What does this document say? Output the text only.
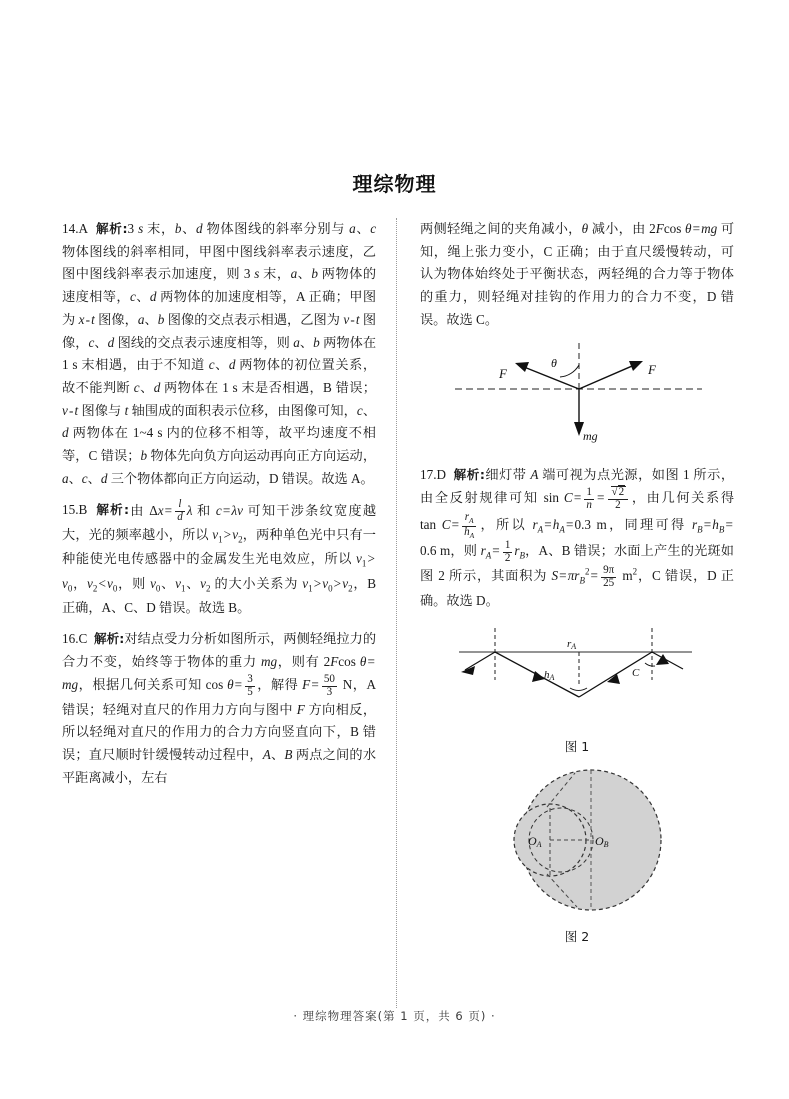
理综物理
14.A 解析:3 s 末，b、d 物体图线的斜率分别与 a、c 物体图线的斜率相同，甲图中图线斜率表示速度，乙图中图线斜率表示加速度，则 3 s 末，a、b 两物体的速度相等，c、d 两物体的加速度相等，A 正确；甲图为 x - t 图像，a、b 图像的交点表示相遇，乙图为 v - t 图像，c、d 图线的交点表示速度相等，则 a、b 两物体在 1 s 末相遇，由于不知道 c、d 两物体的初位置关系，故不能判断 c、d 两物体在 1 s 末是否相遇，B 错误；v - t 图像与 t 轴围成的面积表示位移，由图像可知，c、d 两物体在 1~4 s 内的位移不相等，故平均速度不相等，C 错误；b 物体先向负方向运动再向正方向运动，a、c、d 三个物体都向正方向运动，D 错误。故选 A。
15.B 解析:由 Δx =  $\frac{l}{d}$ λ 和 c = λν 可知干涉条纹宽度越大，光的频率越小，所以 $\nu_1$ > $\nu_2$，两种单色光中只有一种能使光电传感器中的金属发生光电效应，所以 $\nu_1$ > $\nu_0$，$\nu_2$ < $\nu_0$，则 $\nu_0$、$\nu_1$、$\nu_2$ 的大小关系为 $\nu_1$ > $\nu_0$ > $\nu_2$，B 正确，A、C、D 错误。故选 B。
16.C 解析:对结点受力分析如图所示，两侧轻绳拉力的合力不变，始终等于物体的重力 mg，则有 2Fcos θ = mg，根据几何关系可知 cos θ =  $\frac{3}{5}$ ，解得 F =  $\frac{50}{3}$ N，A 错误；轻绳对直尺的作用力方向与图中 F 方向相反，所以轻绳对直尺的作用力的合力方向竖直向下，B 错误；直尺顺时针缓慢转动过程中，A、B 两点之间的水平距离减小，左右
两侧轻绳之间的夹角减小，θ 减小，由 2Fcos θ = mg 可知，绳上张力变小，C 正确；由于直尺缓慢转动，可认为物体始终处于平衡状态，两轻绳的合力等于物体的重力，则轻绳对挂钩的作用力的合力不变，D 错误。故选 C。
F	F
θ
mg
17.D 解析:细灯带 A 端可视为点光源，如图 1 所示，由全反射规律可知 sin C =  $\frac{1}{n}$  =  $\frac{√2}{2}$ ，由几何关系得 tan C =  $\frac{r_A}{h_A}$ ，所以 $r_A$ = $h_A$ = 0.3 m，同理可得 $r_B$ = $h_B$ = 0.6 m，则 $r_A$ =  $\frac{1}{2} r_B$，A、B 错误；水面上产生的光斑如图 2 所示，其面积为 S = $\pi r_B^2$ =  $\frac{9\pi}{25} m^2$，C 错误，D 正确。故选 D。
rA
hA	C
图 1
OA	OB
图 2
· 理综物理答案(第 1 页，共 6 页) ·
